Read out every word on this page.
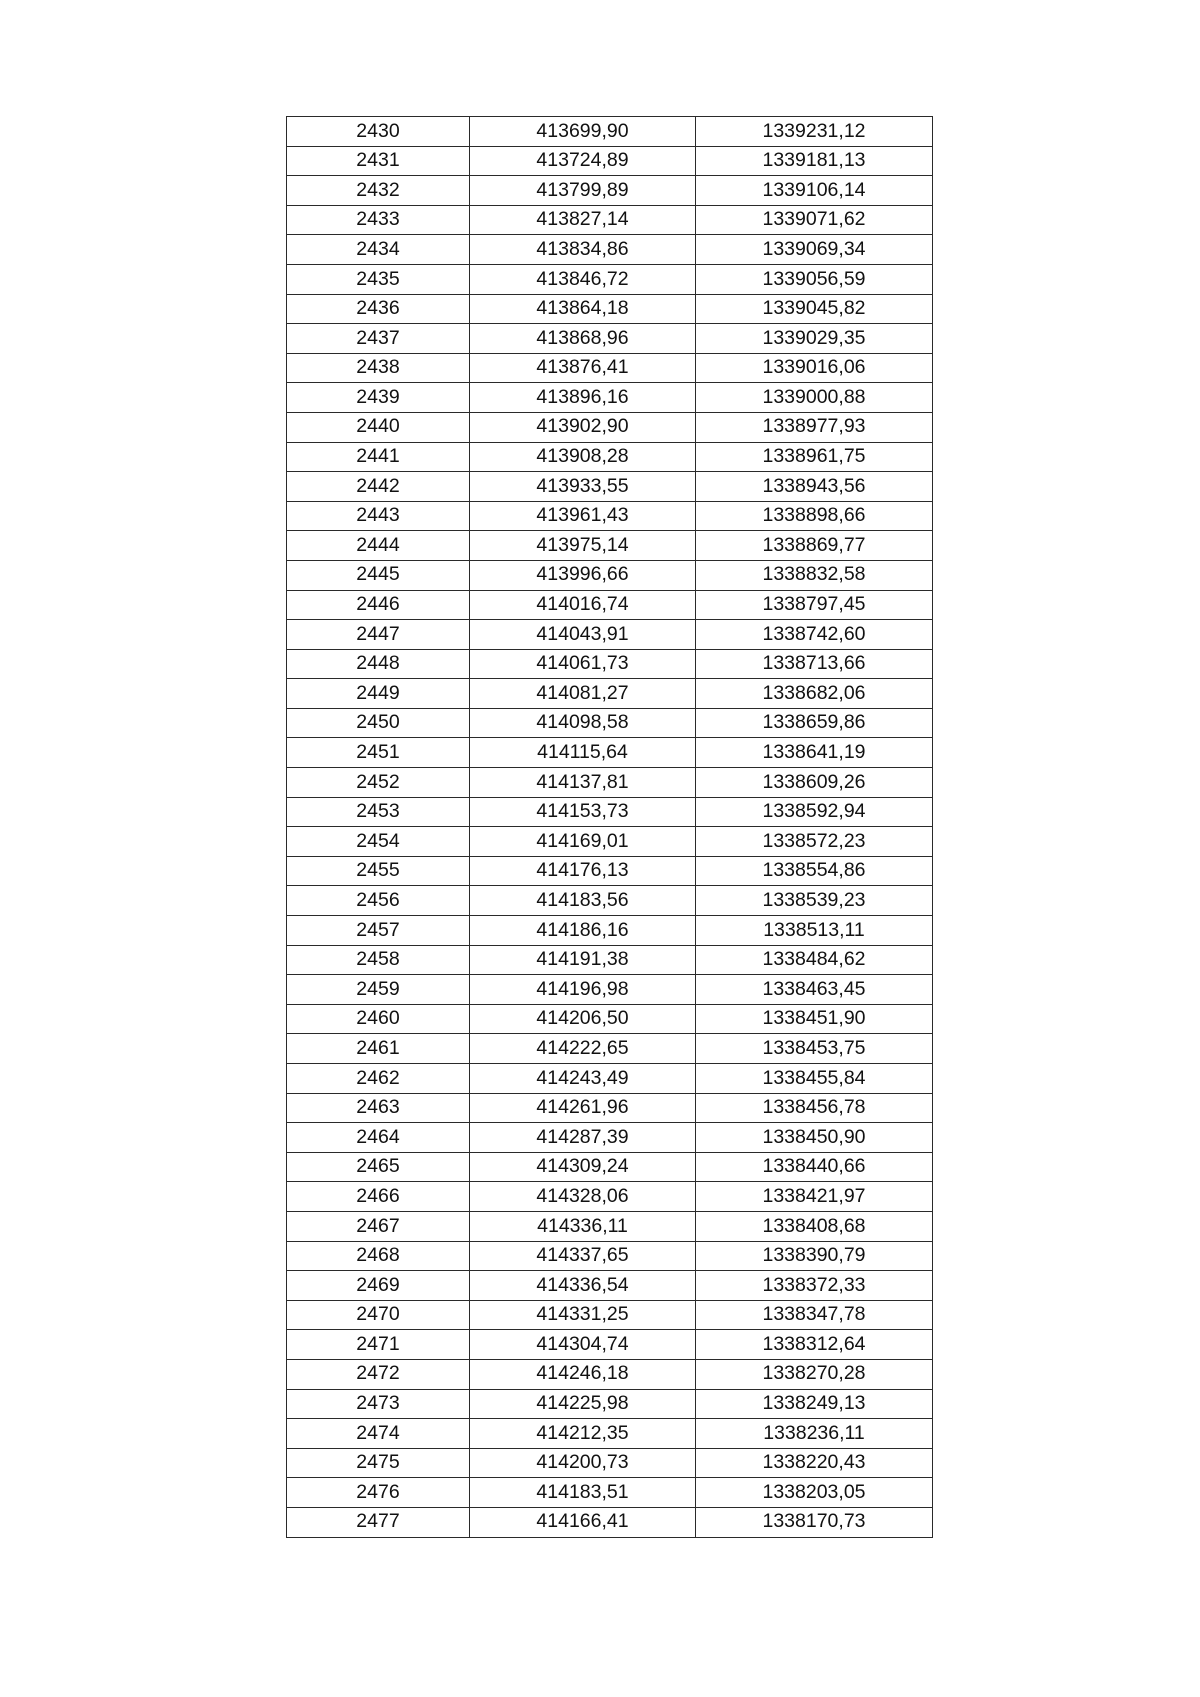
2430	413699,90	1339231,12
2431	413724,89	1339181,13
2432	413799,89	1339106,14
2433	413827,14	1339071,62
2434	413834,86	1339069,34
2435	413846,72	1339056,59
2436	413864,18	1339045,82
2437	413868,96	1339029,35
2438	413876,41	1339016,06
2439	413896,16	1339000,88
2440	413902,90	1338977,93
2441	413908,28	1338961,75
2442	413933,55	1338943,56
2443	413961,43	1338898,66
2444	413975,14	1338869,77
2445	413996,66	1338832,58
2446	414016,74	1338797,45
2447	414043,91	1338742,60
2448	414061,73	1338713,66
2449	414081,27	1338682,06
2450	414098,58	1338659,86
2451	414115,64	1338641,19
2452	414137,81	1338609,26
2453	414153,73	1338592,94
2454	414169,01	1338572,23
2455	414176,13	1338554,86
2456	414183,56	1338539,23
2457	414186,16	1338513,11
2458	414191,38	1338484,62
2459	414196,98	1338463,45
2460	414206,50	1338451,90
2461	414222,65	1338453,75
2462	414243,49	1338455,84
2463	414261,96	1338456,78
2464	414287,39	1338450,90
2465	414309,24	1338440,66
2466	414328,06	1338421,97
2467	414336,11	1338408,68
2468	414337,65	1338390,79
2469	414336,54	1338372,33
2470	414331,25	1338347,78
2471	414304,74	1338312,64
2472	414246,18	1338270,28
2473	414225,98	1338249,13
2474	414212,35	1338236,11
2475	414200,73	1338220,43
2476	414183,51	1338203,05
2477	414166,41	1338170,73
